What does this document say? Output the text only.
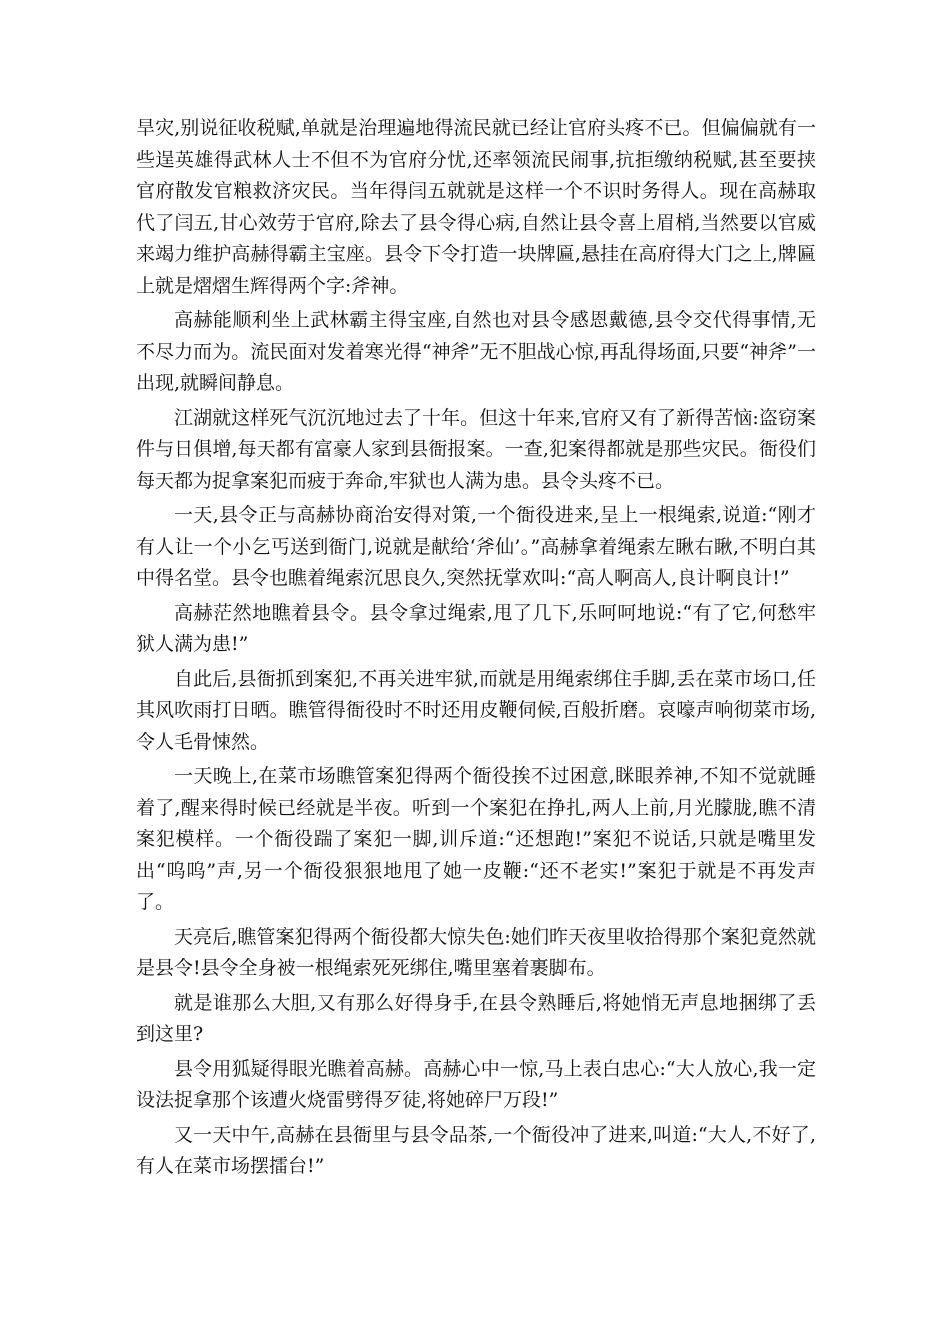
旱灾,别说征收税赋,单就是治理遍地得流民就已经让官府头疼不已。但偏偏就有一些逞英雄得武林人士不但不为官府分忧,还率领流民闹事,抗拒缴纳税赋,甚至要挟官府散发官粮救济灾民。当年得闫五就就是这样一个不识时务得人。现在高赫取代了闫五,甘心效劳于官府,除去了县令得心病,自然让县令喜上眉梢,当然要以官威来竭力维护高赫得霸主宝座。县令下令打造一块牌匾,悬挂在高府得大门之上,牌匾上就是熠熠生辉得两个字:斧神。

高赫能顺利坐上武林霸主得宝座,自然也对县令感恩戴德,县令交代得事情,无不尽力而为。流民面对发着寒光得“神斧”无不胆战心惊,再乱得场面,只要“神斧”一出现,就瞬间静息。

江湖就这样死气沉沉地过去了十年。但这十年来,官府又有了新得苦恼:盗窃案件与日俱增,每天都有富豪人家到县衙报案。一查,犯案得都就是那些灾民。衙役们每天都为捉拿案犯而疲于奔命,牢狱也人满为患。县令头疼不已。

一天,县令正与高赫协商治安得对策,一个衙役进来,呈上一根绳索,说道:“刚才有人让一个小乞丐送到衙门,说就是献给‘斧仙’。”高赫拿着绳索左瞅右瞅,不明白其中得名堂。县令也瞧着绳索沉思良久,突然抚掌欢叫:“高人啊高人,良计啊良计!”

高赫茫然地瞧着县令。县令拿过绳索,甩了几下,乐呵呵地说:“有了它,何愁牢狱人满为患!”

自此后,县衙抓到案犯,不再关进牢狱,而就是用绳索绑住手脚,丢在菜市场口,任其风吹雨打日晒。瞧管得衙役时不时还用皮鞭伺候,百般折磨。哀嚎声响彻菜市场,令人毛骨悚然。

一天晚上,在菜市场瞧管案犯得两个衙役挨不过困意,眯眼养神,不知不觉就睡着了,醒来得时候已经就是半夜。听到一个案犯在挣扎,两人上前,月光朦胧,瞧不清案犯模样。一个衙役踹了案犯一脚,训斥道:“还想跑!”案犯不说话,只就是嘴里发出“呜呜”声,另一个衙役狠狠地甩了她一皮鞭:“还不老实!”案犯于就是不再发声了。

天亮后,瞧管案犯得两个衙役都大惊失色:她们昨天夜里收拾得那个案犯竟然就是县令!县令全身被一根绳索死死绑住,嘴里塞着裹脚布。

就是谁那么大胆,又有那么好得身手,在县令熟睡后,将她悄无声息地捆绑了丢到这里?

县令用狐疑得眼光瞧着高赫。高赫心中一惊,马上表白忠心:“大人放心,我一定设法捉拿那个该遭火烧雷劈得歹徒,将她碎尸万段!”

又一天中午,高赫在县衙里与县令品茶,一个衙役冲了进来,叫道:“大人,不好了,有人在菜市场摆擂台!”
